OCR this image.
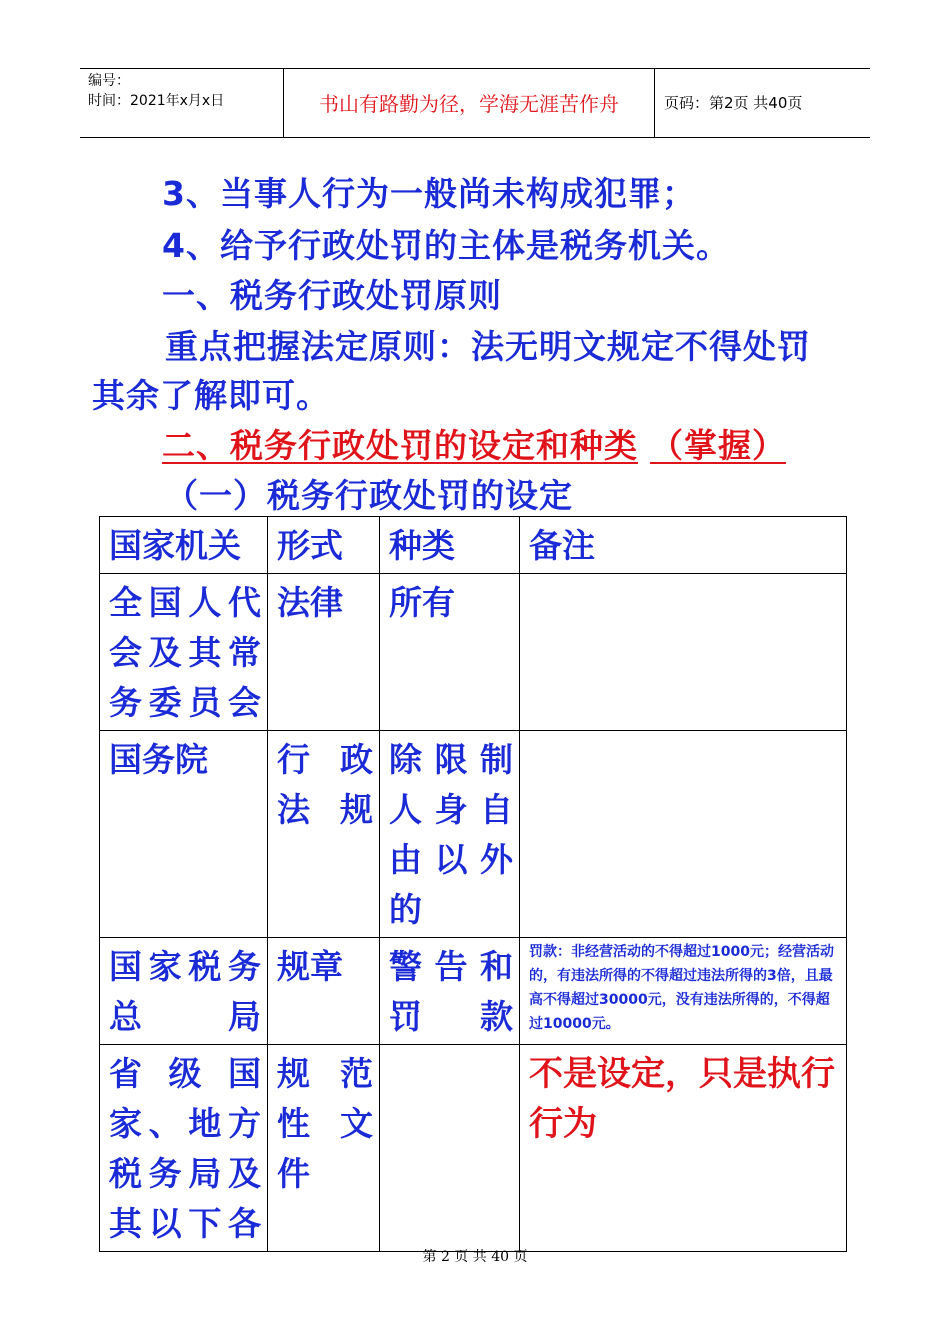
编号：
时间：2021年x月x日	书山有路勤为径，学海无涯苦作舟	页码：第2页 共40页
3、当事人行为一般尚未构成犯罪；
4、给予行政处罚的主体是税务机关。
一、税务行政处罚原则
重点把握法定原则：法无明文规定不得处罚
其余了解即可。
二、税务行政处罚的设定和种类 （掌握）
（一）税务行政处罚的设定
国家机关	形式	种类	备注
全国人代会及其常务委员会	法律	所有	
国务院	行政法规	除限制人身自由以外的	
国家税务总局	规章	警告和罚款	罚款：非经营活动的不得超过1000元；经营活动的，有违法所得的不得超过违法所得的3倍，且最高不得超过30000元，没有违法所得的，不得超过10000元。
省级国家、地方税务局及其以下各	规范性文件		不是设定，只是执行行为
第 2 页 共 40 页
